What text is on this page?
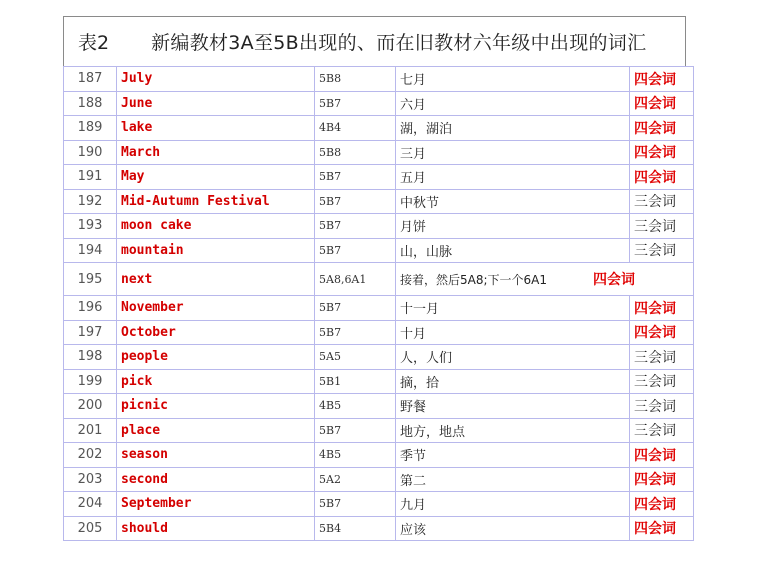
表2 新编教材3A至5B出现的、而在旧教材六年级中出现的词汇
187	July	5B8	七月	四会词
188	June	5B7	六月	四会词
189	lake	4B4	湖，湖泊	四会词
190	March	5B8	三月	四会词
191	May	5B7	五月	四会词
192	Mid-Autumn Festival	5B7	中秋节	三会词
193	moon cake	5B7	月饼	三会词
194	mountain	5B7	山，山脉	三会词
195	next	5A8,6A1	接着，然后5A8;下一个6A1 四会词	
196	November	5B7	十一月	四会词
197	October	5B7	十月	四会词
198	people	5A5	人，人们	三会词
199	pick	5B1	摘，拾	三会词
200	picnic	4B5	野餐	三会词
201	place	5B7	地方，地点	三会词
202	season	4B5	季节	四会词
203	second	5A2	第二	四会词
204	September	5B7	九月	四会词
205	should	5B4	应该	四会词
